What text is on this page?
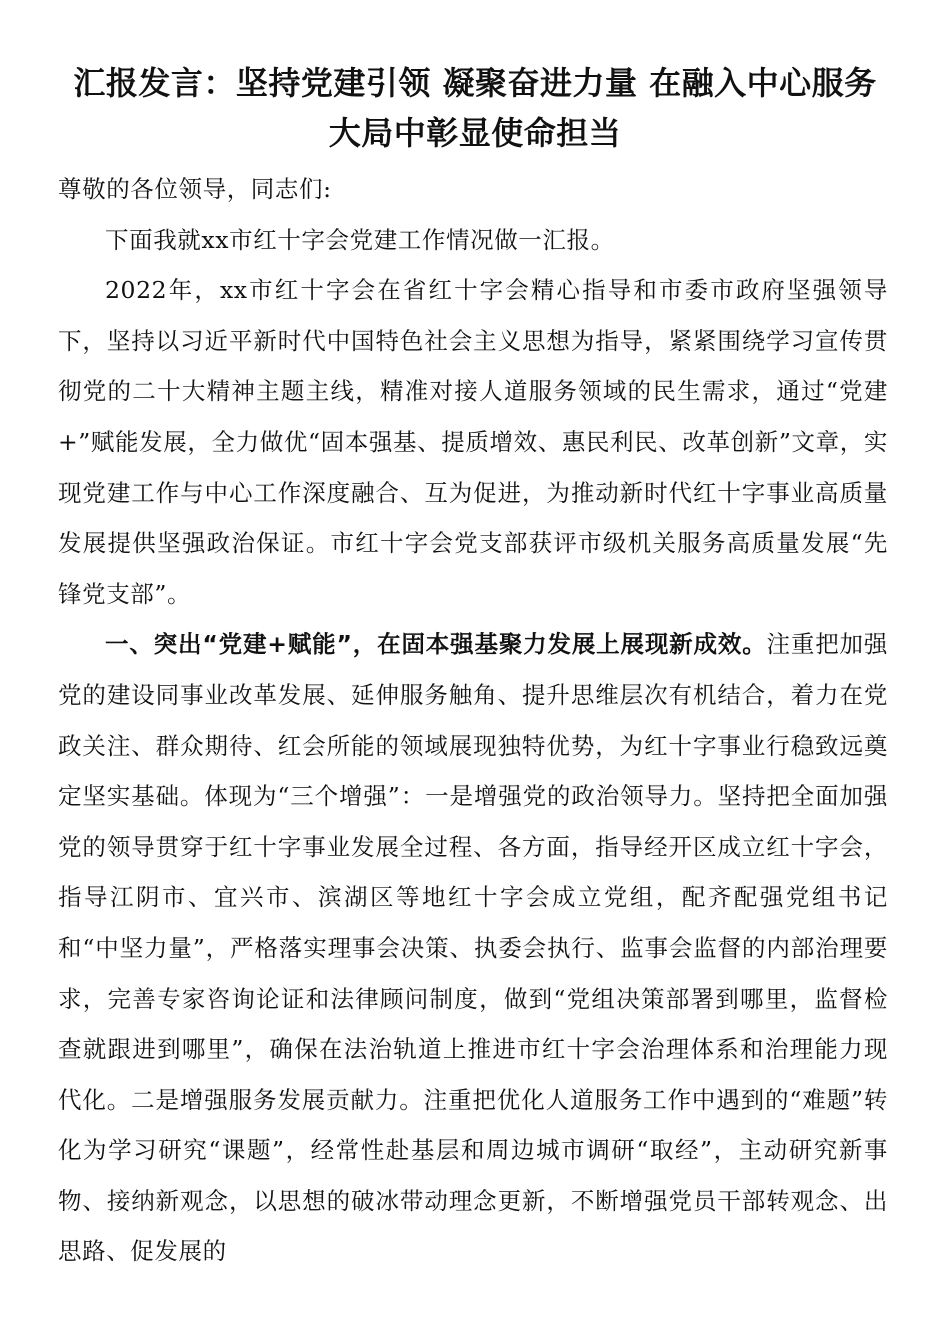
汇报发言：坚持党建引领 凝聚奋进力量 在融入中心服务大局中彰显使命担当

尊敬的各位领导，同志们:

下面我就xx市红十字会党建工作情况做一汇报。

2022年，xx市红十字会在省红十字会精心指导和市委市政府坚强领导下，坚持以习近平新时代中国特色社会主义思想为指导，紧紧围绕学习宣传贯彻党的二十大精神主题主线，精准对接人道服务领域的民生需求，通过“党建+”赋能发展，全力做优“固本强基、提质增效、惠民利民、改革创新”文章，实现党建工作与中心工作深度融合、互为促进，为推动新时代红十字事业高质量发展提供坚强政治保证。市红十字会党支部获评市级机关服务高质量发展“先锋党支部”。

一、突出“党建+赋能”，在固本强基聚力发展上展现新成效。注重把加强党的建设同事业改革发展、延伸服务触角、提升思维层次有机结合，着力在党政关注、群众期待、红会所能的领域展现独特优势，为红十字事业行稳致远奠定坚实基础。体现为“三个增强”：一是增强党的政治领导力。坚持把全面加强党的领导贯穿于红十字事业发展全过程、各方面，指导经开区成立红十字会，指导江阴市、宜兴市、滨湖区等地红十字会成立党组，配齐配强党组书记和“中坚力量”，严格落实理事会决策、执委会执行、监事会监督的内部治理要求，完善专家咨询论证和法律顾问制度，做到“党组决策部署到哪里，监督检查就跟进到哪里”，确保在法治轨道上推进市红十字会治理体系和治理能力现代化。二是增强服务发展贡献力。注重把优化人道服务工作中遇到的“难题”转化为学习研究“课题”，经常性赴基层和周边城市调研“取经”，主动研究新事物、接纳新观念，以思想的破冰带动理念更新，不断增强党员干部转观念、出思路、促发展的
